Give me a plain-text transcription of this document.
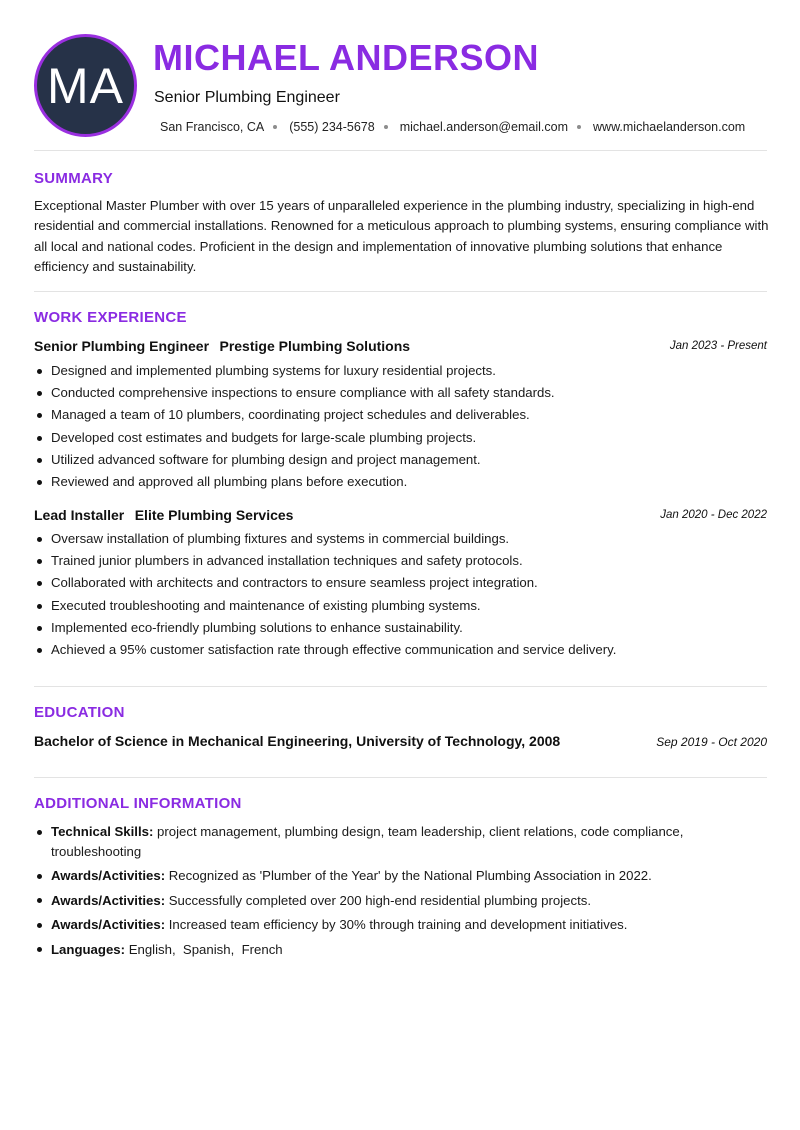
MA MICHAEL ANDERSON
Senior Plumbing Engineer
San Francisco, CA (555) 234-5678 michael.anderson@email.com www.michaelanderson.com
SUMMARY

Exceptional Master Plumber with over 15 years of unparalleled experience in the plumbing industry, specializing in high-end residential and commercial installations. Renowned for a meticulous approach to plumbing systems, ensuring compliance with all local and national codes. Proficient in the design and implementation of innovative plumbing solutions that enhance efficiency and sustainability.

WORK EXPERIENCE
Senior Plumbing Engineer Prestige Plumbing Solutions	Jan 2023 - Present
Designed and implemented plumbing systems for luxury residential projects.
Conducted comprehensive inspections to ensure compliance with all safety standards.
Managed a team of 10 plumbers, coordinating project schedules and deliverables.
Developed cost estimates and budgets for large-scale plumbing projects.
Utilized advanced software for plumbing design and project management.
Reviewed and approved all plumbing plans before execution.
Lead Installer Elite Plumbing Services	Jan 2020 - Dec 2022
Oversaw installation of plumbing fixtures and systems in commercial buildings.
Trained junior plumbers in advanced installation techniques and safety protocols.
Collaborated with architects and contractors to ensure seamless project integration.
Executed troubleshooting and maintenance of existing plumbing systems.
Implemented eco-friendly plumbing solutions to enhance sustainability.
Achieved a 95% customer satisfaction rate through effective communication and service delivery.
EDUCATION
Bachelor of Science in Mechanical Engineering, University of Technology, 2008	Sep 2019 - Oct 2020
ADDITIONAL INFORMATION
Technical Skills: project management, plumbing design, team leadership, client relations, code compliance, troubleshooting
Awards/Activities: Recognized as 'Plumber of the Year' by the National Plumbing Association in 2022.
Awards/Activities: Successfully completed over 200 high-end residential plumbing projects.
Awards/Activities: Increased team efficiency by 30% through training and development initiatives.
Languages: English,  Spanish,  French
